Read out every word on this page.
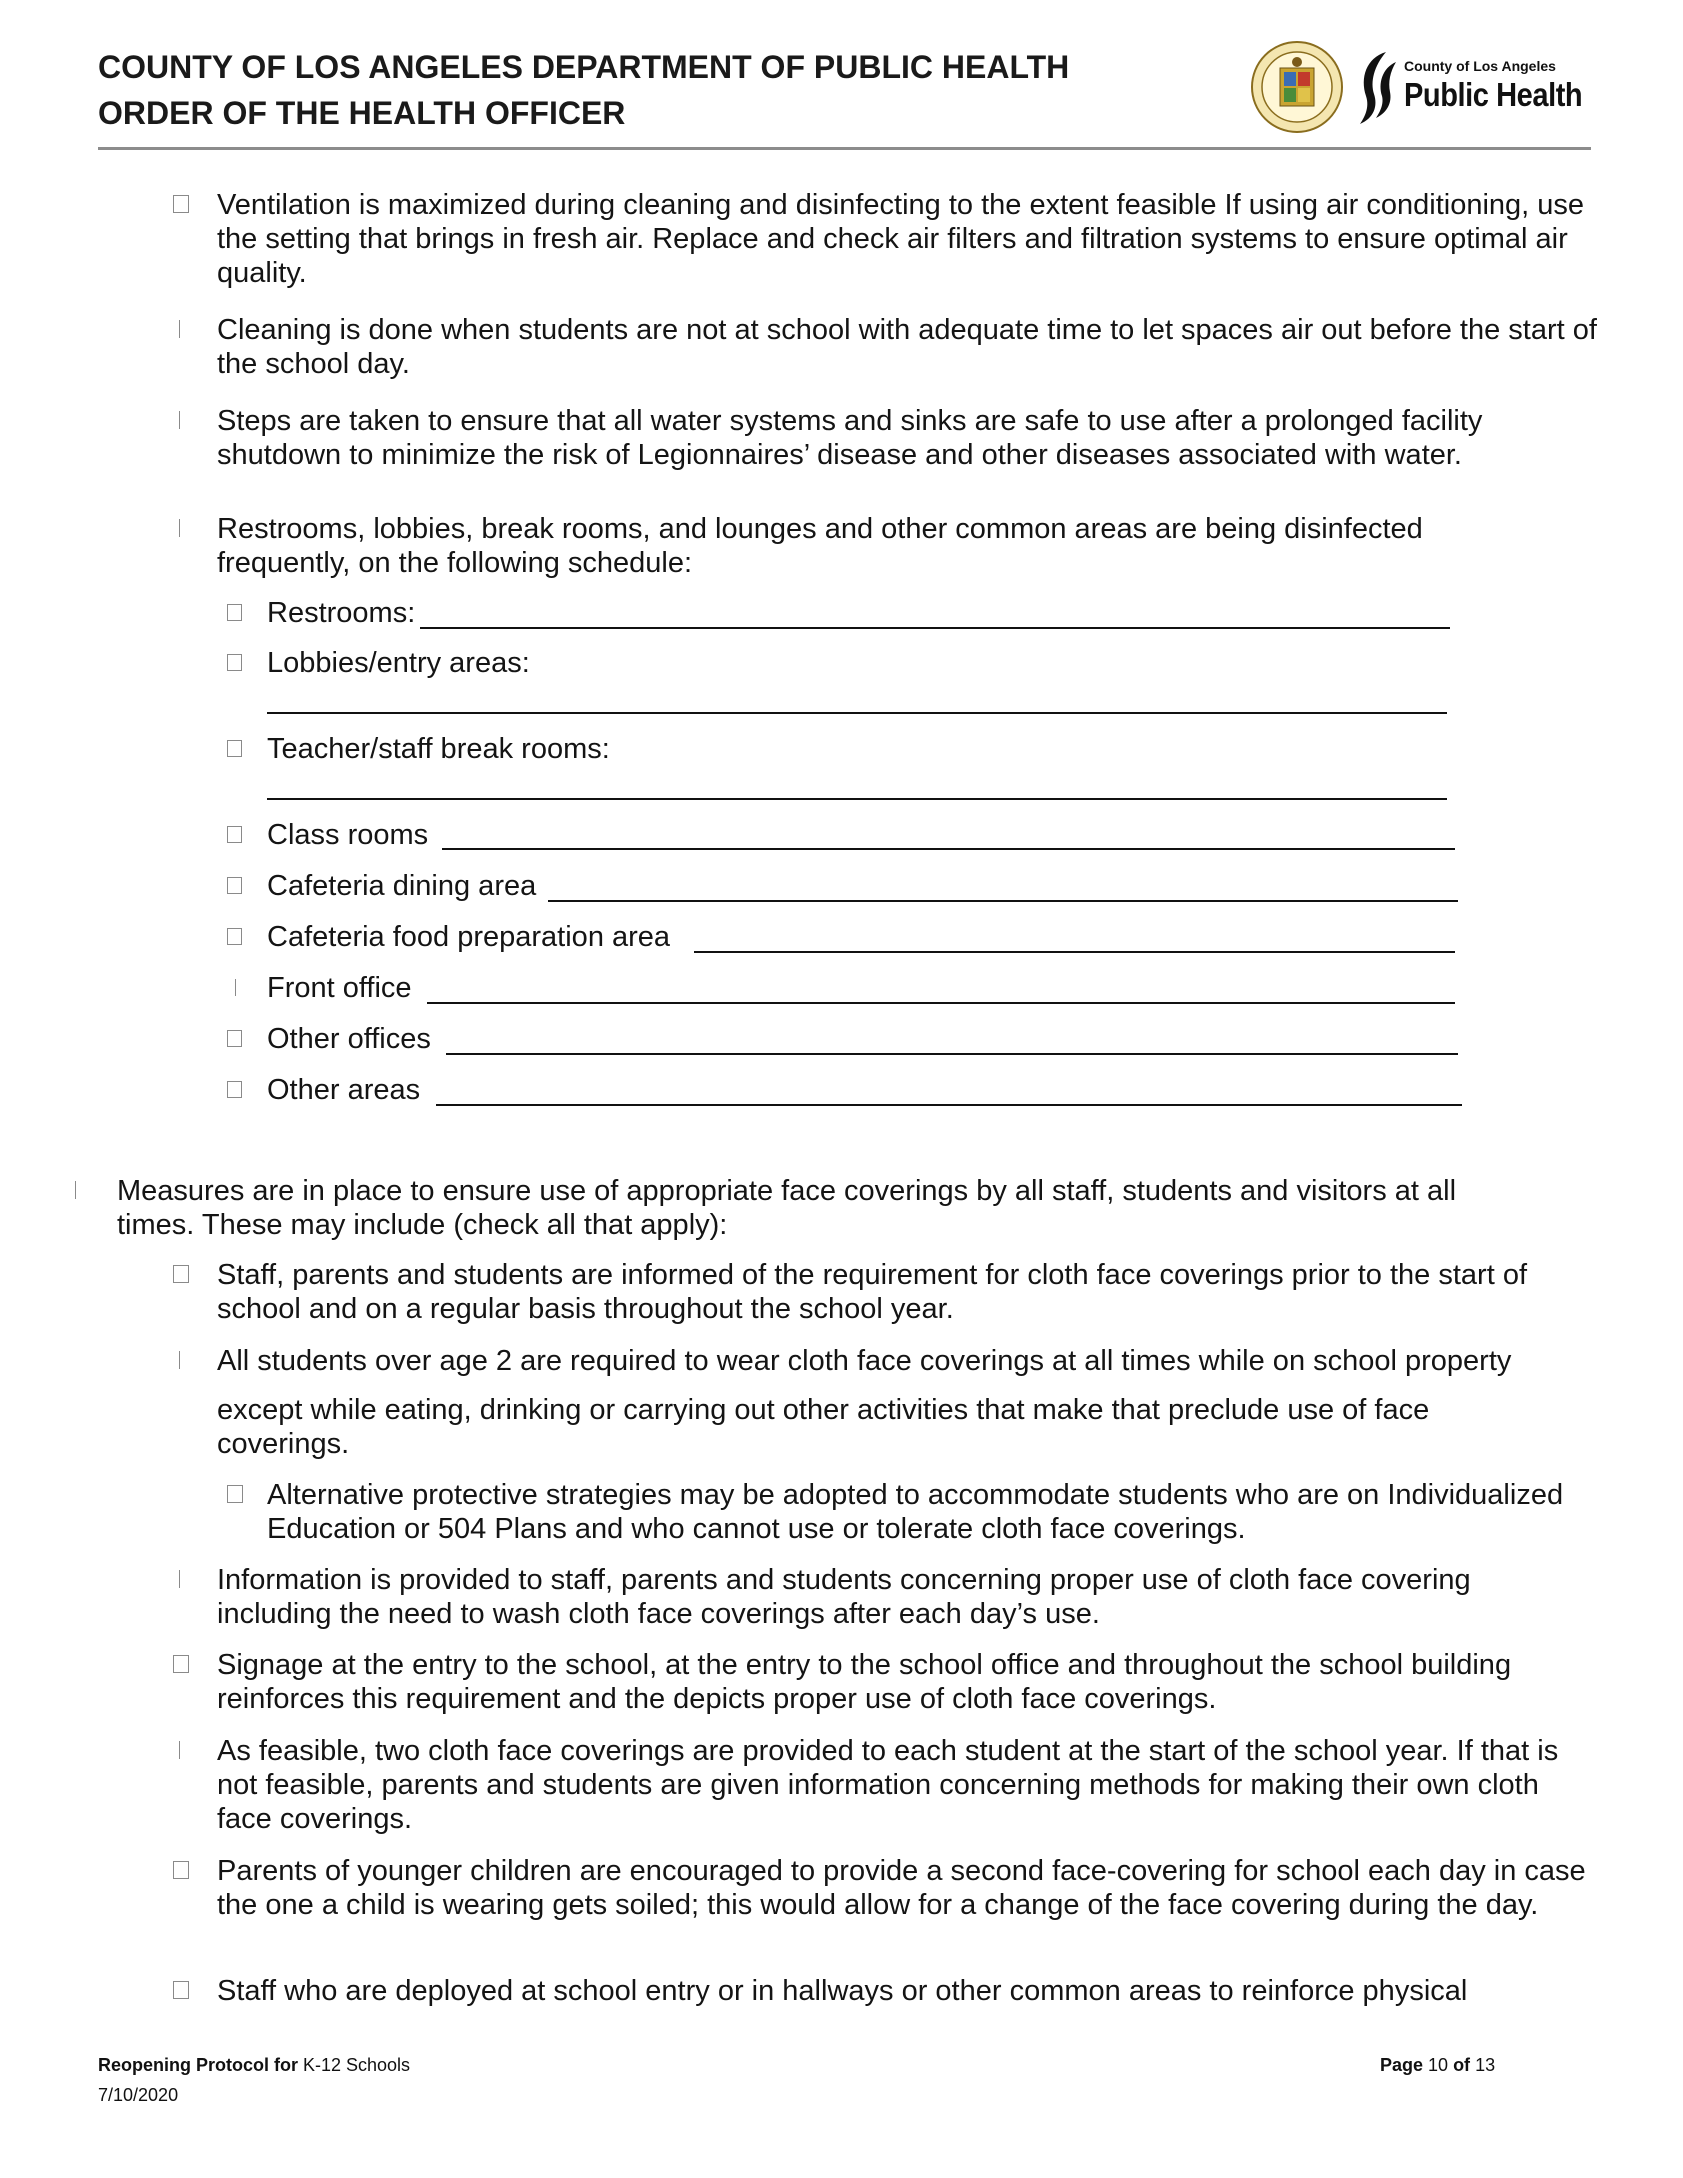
COUNTY OF LOS ANGELES DEPARTMENT OF PUBLIC HEALTH
ORDER OF THE HEALTH OFFICER
County of Los Angeles
Public Health
Ventilation is maximized during cleaning and disinfecting to the extent feasible If using air conditioning, use the setting that brings in fresh air. Replace and check air filters and filtration systems to ensure optimal air quality.
Cleaning is done when students are not at school with adequate time to let spaces air out before the start of the school day.
Steps are taken to ensure that all water systems and sinks are safe to use after a prolonged facility shutdown to minimize the risk of Legionnaires’ disease and other diseases associated with water.
Restrooms, lobbies, break rooms, and lounges and other common areas are being disinfected frequently, on the following schedule:
Restrooms:
Lobbies/entry areas:
Teacher/staff break rooms:
Class rooms
Cafeteria dining area
Cafeteria food preparation area
Front office
Other offices
Other areas
Measures are in place to ensure use of appropriate face coverings by all staff, students and visitors at all times. These may include (check all that apply):
Staff, parents and students are informed of the requirement for cloth face coverings prior to the start of school and on a regular basis throughout the school year.
All students over age 2 are required to wear cloth face coverings at all times while on school property
except while eating, drinking or carrying out other activities that make that preclude use of face coverings.
Alternative protective strategies may be adopted to accommodate students who are on Individualized Education or 504 Plans and who cannot use or tolerate cloth face coverings.
Information is provided to staff, parents and students concerning proper use of cloth face covering including the need to wash cloth face coverings after each day’s use.
Signage at the entry to the school, at the entry to the school office and throughout the school building reinforces this requirement and the depicts proper use of cloth face coverings.
As feasible, two cloth face coverings are provided to each student at the start of the school year. If that is not feasible, parents and students are given information concerning methods for making their own cloth face coverings.
Parents of younger children are encouraged to provide a second face-covering for school each day in case the one a child is wearing gets soiled; this would allow for a change of the face covering during the day.
Staff who are deployed at school entry or in hallways or other common areas to reinforce physical
Reopening Protocol for K-12 Schools
7/10/2020
Page 10 of 13
